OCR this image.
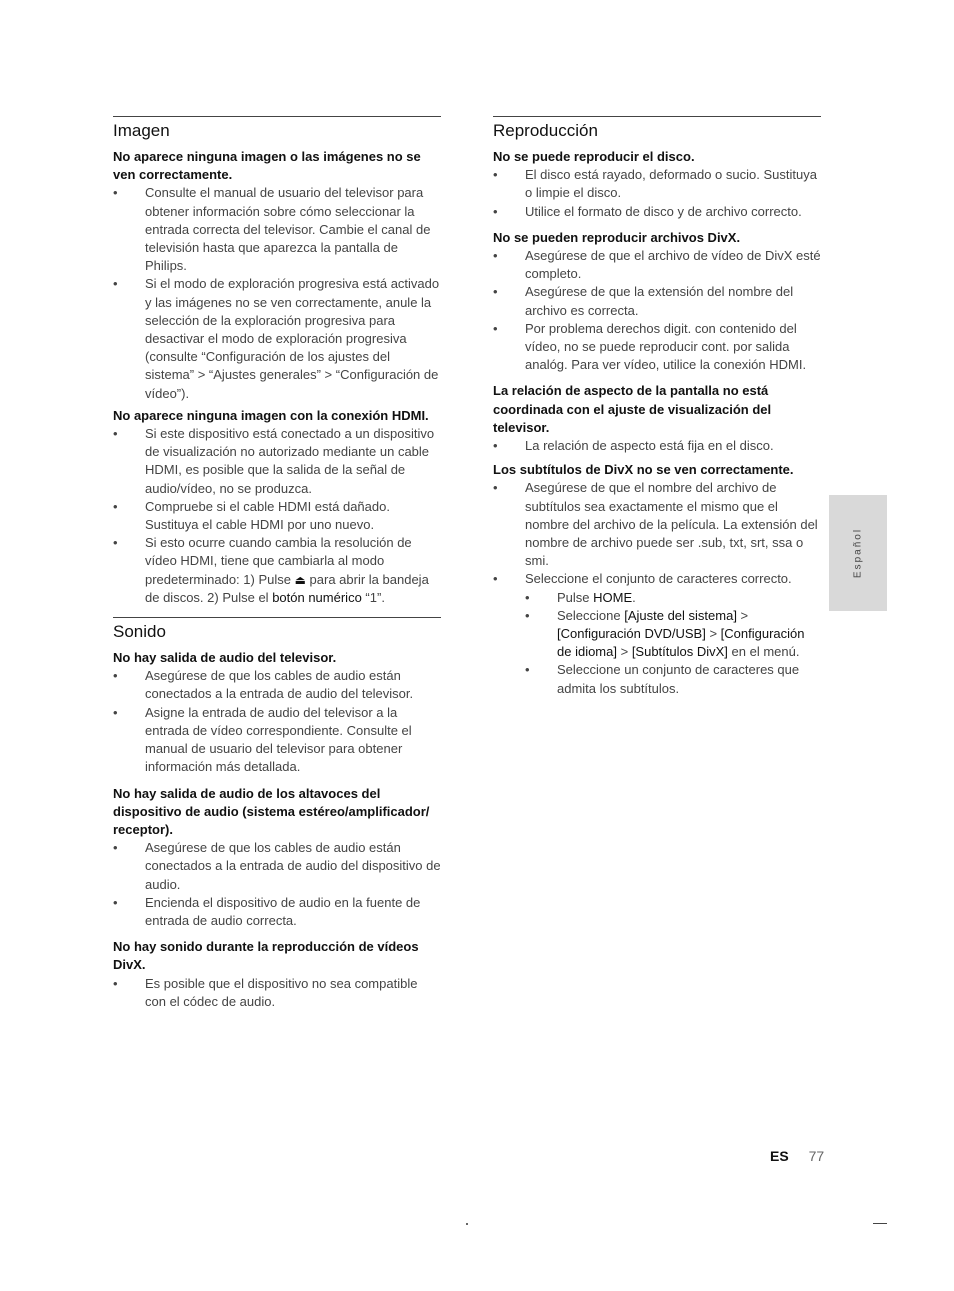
Imagen

No aparece ninguna imagen o las imágenes no se ven correctamente.

• Consulte el manual de usuario del televisor para obtener información sobre cómo seleccionar la entrada correcta del televisor. Cambie el canal de televisión hasta que aparezca la pantalla de Philips.
• Si el modo de exploración progresiva está activado y las imágenes no se ven correctamente, anule la selección de la exploración progresiva para desactivar el modo de exploración progresiva (consulte “Configuración de los ajustes del sistema” > “Ajustes generales” > “Configuración de vídeo”).

No aparece ninguna imagen con la conexión HDMI.

• Si este dispositivo está conectado a un dispositivo de visualización no autorizado mediante un cable HDMI, es posible que la salida de la señal de audio/vídeo, no se produzca.
• Compruebe si el cable HDMI está dañado. Sustituya el cable HDMI por uno nuevo.
• Si esto ocurre cuando cambia la resolución de vídeo HDMI, tiene que cambiarla al modo predeterminado: 1) Pulse ⏏ para abrir la bandeja de discos. 2) Pulse el botón numérico “1”.
Sonido

No hay salida de audio del televisor.

• Asegúrese de que los cables de audio están conectados a la entrada de audio del televisor.
• Asigne la entrada de audio del televisor a la entrada de vídeo correspondiente. Consulte el manual de usuario del televisor para obtener información más detallada.

No hay salida de audio de los altavoces del dispositivo de audio (sistema estéreo/amplificador/ receptor).

• Asegúrese de que los cables de audio están conectados a la entrada de audio del dispositivo de audio.
• Encienda el dispositivo de audio en la fuente de entrada de audio correcta.

No hay sonido durante la reproducción de vídeos DivX.

• Es posible que el dispositivo no sea compatible con el códec de audio.
Reproducción

No se puede reproducir el disco.

• El disco está rayado, deformado o sucio. Sustituya o limpie el disco.
• Utilice el formato de disco y de archivo correcto.

No se pueden reproducir archivos DivX.

• Asegúrese de que el archivo de vídeo de DivX esté completo.
• Asegúrese de que la extensión del nombre del archivo es correcta.
• Por problema derechos digit. con contenido del vídeo, no se puede reproducir cont. por salida analóg. Para ver vídeo, utilice la conexión HDMI.

La relación de aspecto de la pantalla no está coordinada con el ajuste de visualización del televisor.

• La relación de aspecto está fija en el disco.

Los subtítulos de DivX no se ven correctamente.

• Asegúrese de que el nombre del archivo de subtítulos sea exactamente el mismo que el nombre del archivo de la película. La extensión del nombre de archivo puede ser .sub, txt, srt, ssa o smi.
• Seleccione el conjunto de caracteres correcto.
• Pulse HOME.
• Seleccione [Ajuste del sistema] > [Configuración DVD/USB] > [Configuración de idioma] > [Subtítulos DivX] en el menú.
• Seleccione un conjunto de caracteres que admita los subtítulos.
Español
ES 77
